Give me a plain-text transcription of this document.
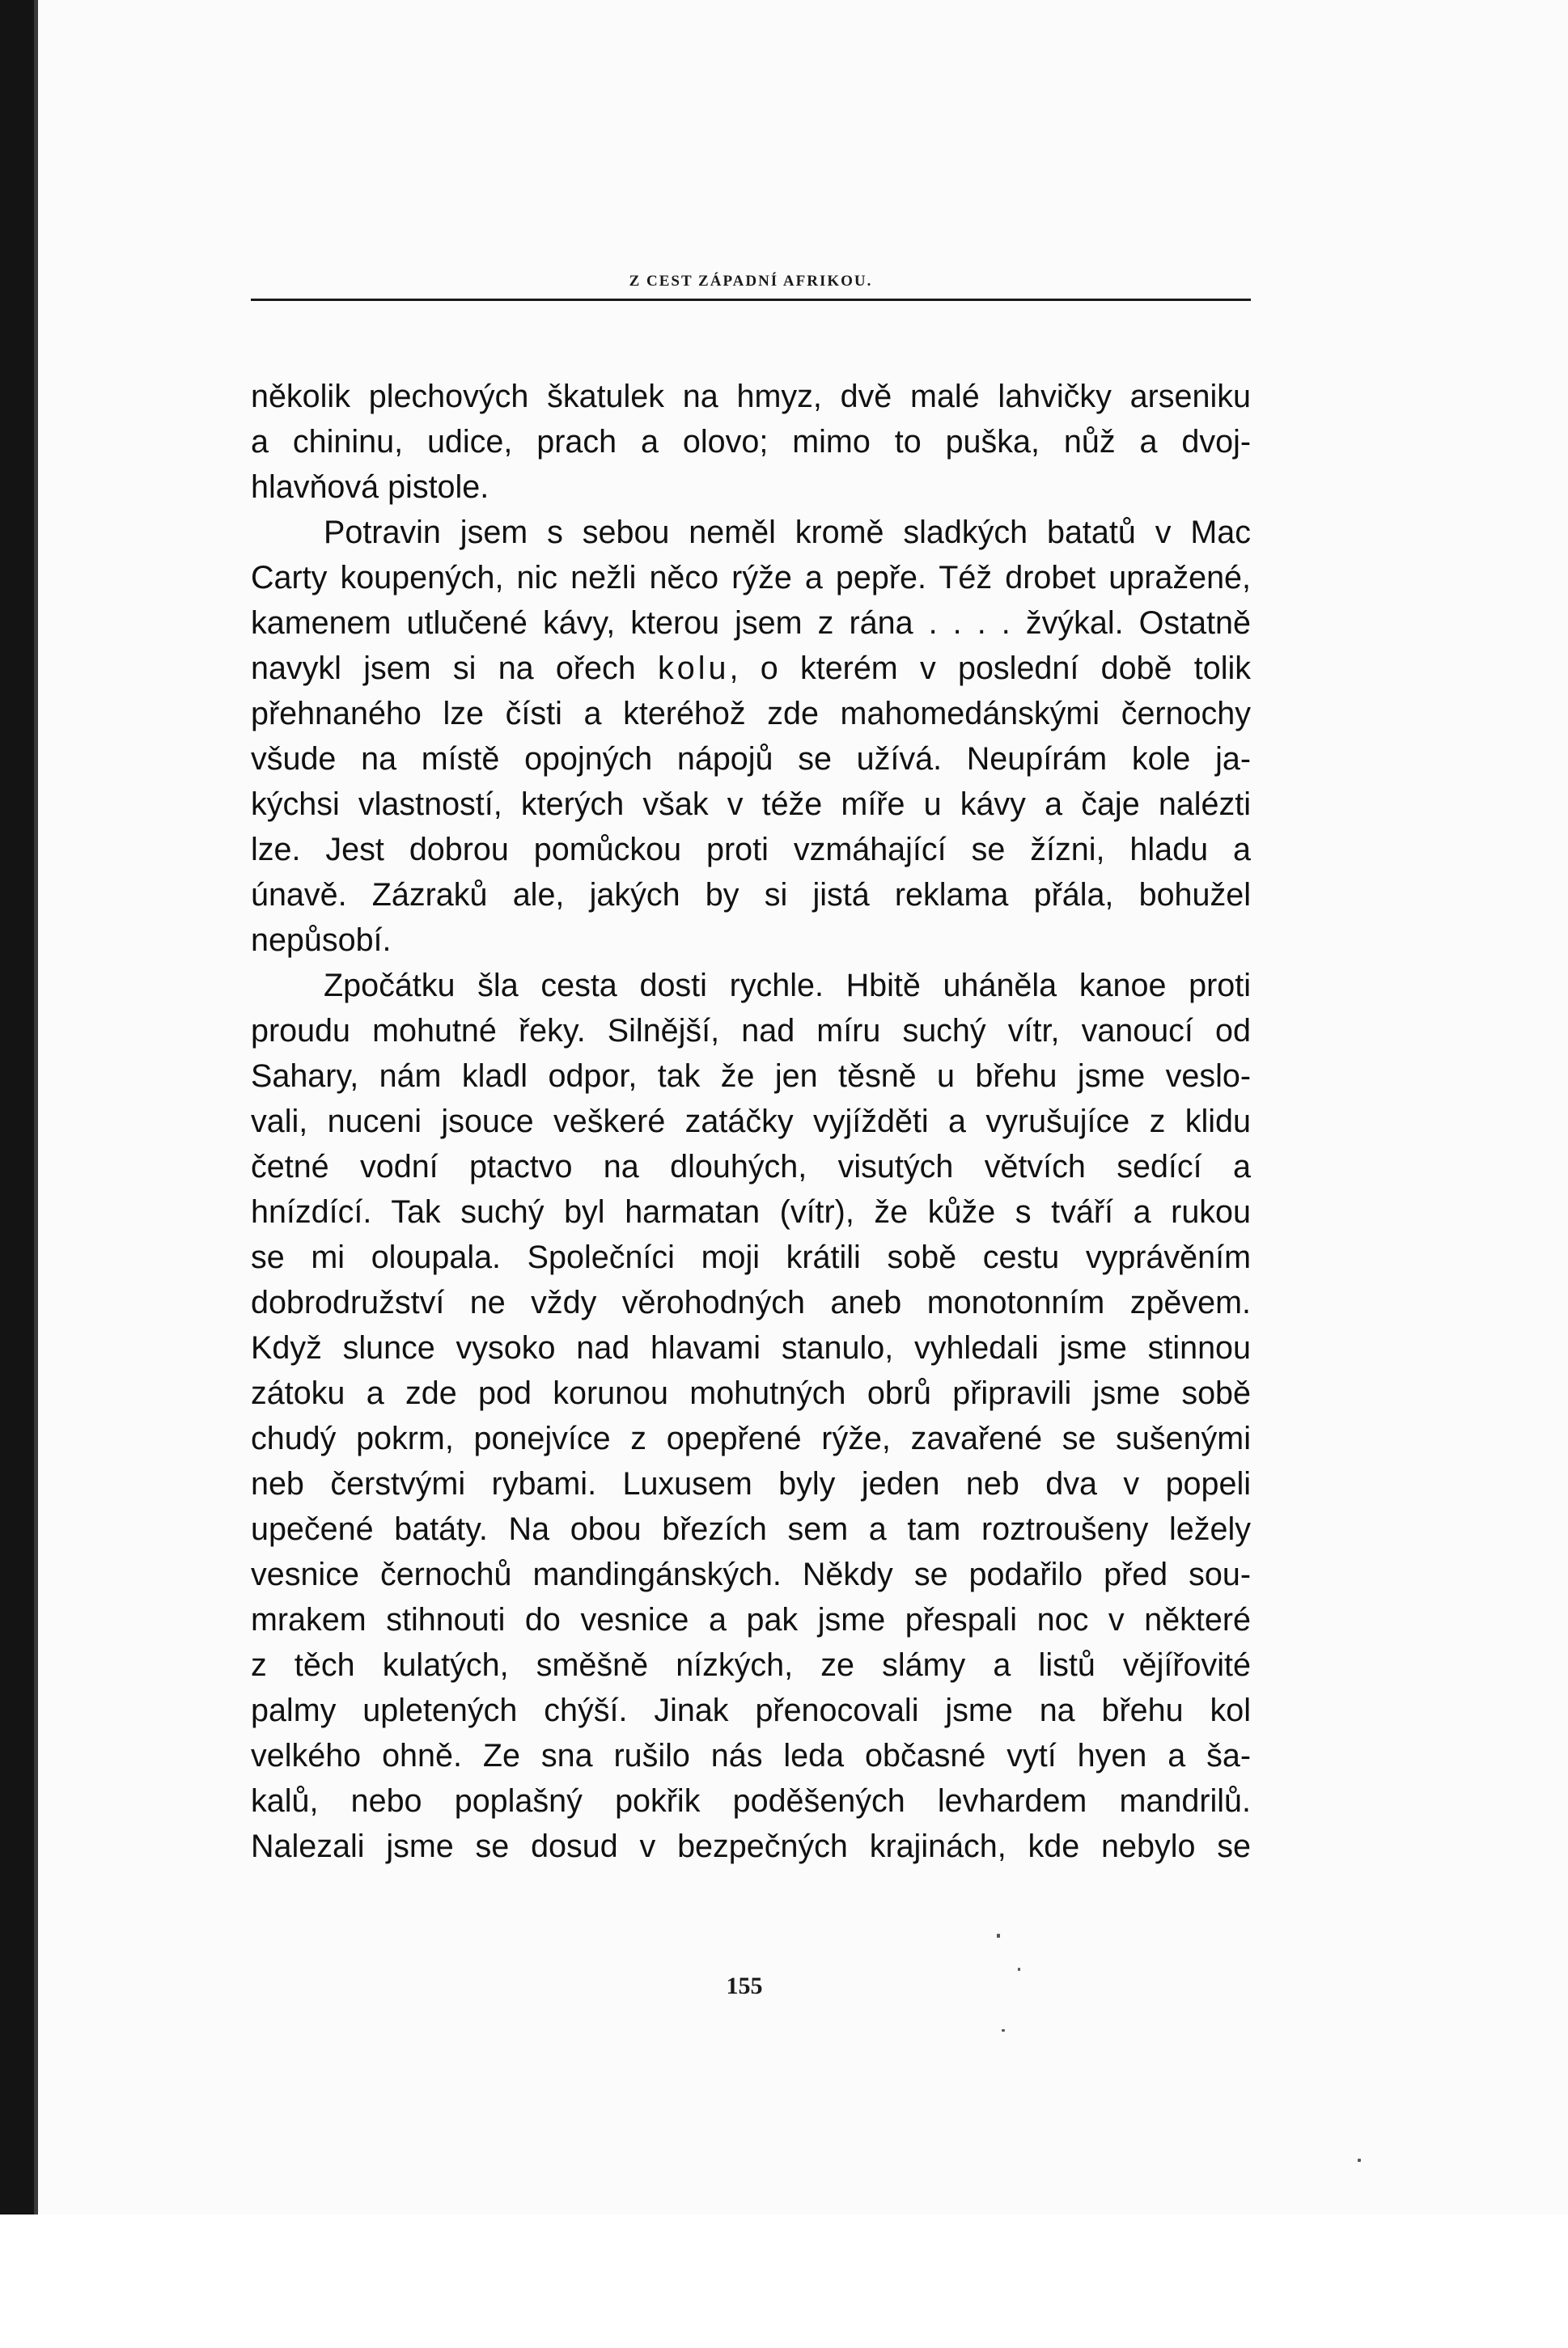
Z CEST ZÁPADNÍ AFRIKOU.
několik plechových škatulek na hmyz, dvě malé lahvičky arseniku
a chininu, udice, prach a olovo; mimo to puška, nůž a dvoj-
hlavňová pistole.
Potravin jsem s sebou neměl kromě sladkých batatů v Mac
Carty koupených, nic nežli něco rýže a pepře. Též drobet upražené,
kamenem utlučené kávy, kterou jsem z rána . . . . žvýkal. Ostatně
navykl jsem si na ořech kolu, o kterém v poslední době tolik
přehnaného lze čísti a kteréhož zde mahomedánskými černochy
všude na místě opojných nápojů se užívá. Neupírám kole ja-
kýchsi vlastností, kterých však v téže míře u kávy a čaje nalézti
lze. Jest dobrou pomůckou proti vzmáhající se žízni, hladu a
únavě. Zázraků ale, jakých by si jistá reklama přála, bohužel
nepůsobí.
Zpočátku šla cesta dosti rychle. Hbitě uháněla kanoe proti
proudu mohutné řeky. Silnější, nad míru suchý vítr, vanoucí od
Sahary, nám kladl odpor, tak že jen těsně u břehu jsme veslo-
vali, nuceni jsouce veškeré zatáčky vyjížděti a vyrušujíce z klidu
četné vodní ptactvo na dlouhých, visutých větvích sedící a
hnízdící. Tak suchý byl harmatan (vítr), že kůže s tváří a rukou
se mi oloupala. Společníci moji krátili sobě cestu vyprávěním
dobrodružství ne vždy věrohodných aneb monotonním zpěvem.
Když slunce vysoko nad hlavami stanulo, vyhledali jsme stinnou
zátoku a zde pod korunou mohutných obrů připravili jsme sobě
chudý pokrm, ponejvíce z opepřené rýže, zavařené se sušenými
neb čerstvými rybami. Luxusem byly jeden neb dva v popeli
upečené batáty. Na obou březích sem a tam roztroušeny ležely
vesnice černochů mandingánských. Někdy se podařilo před sou-
mrakem stihnouti do vesnice a pak jsme přespali noc v některé
z těch kulatých, směšně nízkých, ze slámy a listů vějířovité
palmy upletených chýší. Jinak přenocovali jsme na břehu kol
velkého ohně. Ze sna rušilo nás leda občasné vytí hyen a ša-
kalů, nebo poplašný pokřik poděšených levhardem mandrilů.
Nalezali jsme se dosud v bezpečných krajinách, kde nebylo se
155
